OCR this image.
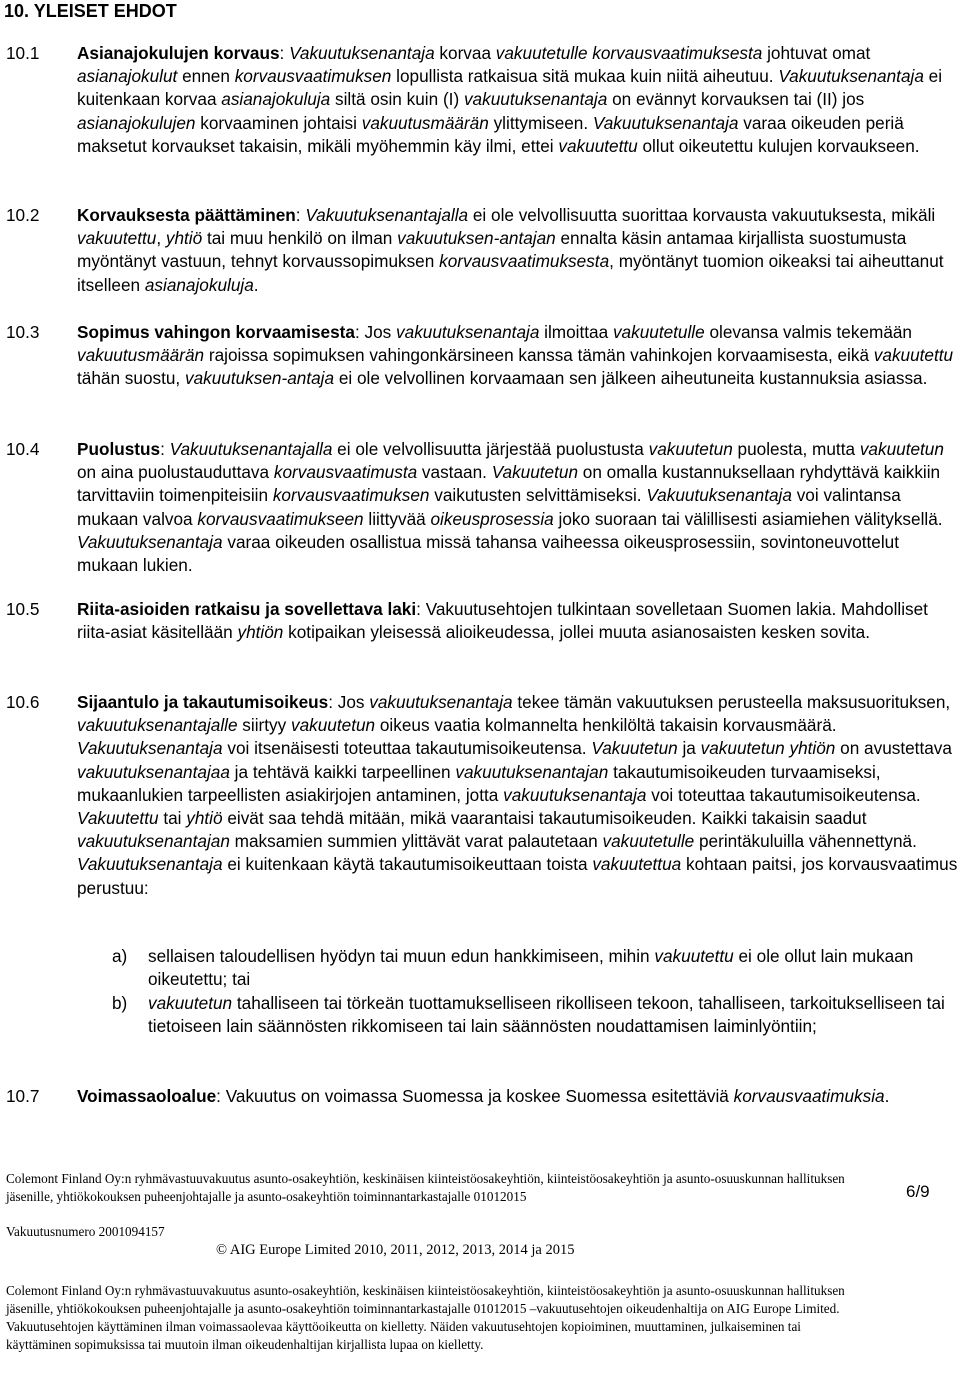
10. YLEISET EHDOT
10.1 Asianajokulujen korvaus: Vakuutuksenantaja korvaa vakuutetulle korvausvaatimuksesta johtuvat omat asianajokulut ennen korvausvaatimuksen lopullista ratkaisua sitä mukaa kuin niitä aiheutuu. Vakuutuksenantaja ei kuitenkaan korvaa asianajokuluja siltä osin kuin (I) vakuutuksenantaja on evännyt korvauksen tai (II) jos asianajokulujen korvaaminen johtaisi vakuutusmäärän ylittymiseen. Vakuutuksenantaja varaa oikeuden periä maksetut korvaukset takaisin, mikäli myöhemmin käy ilmi, ettei vakuutettu ollut oikeutettu kulujen korvaukseen.
10.2 Korvauksesta päättäminen: Vakuutuksenantajalla ei ole velvollisuutta suorittaa korvausta vakuutuksesta, mikäli vakuutettu, yhtiö tai muu henkilö on ilman vakuutuksen-antajan ennalta käsin antamaa kirjallista suostumusta myöntänyt vastuun, tehnyt korvaussopimuksen korvausvaatimuksesta, myöntänyt tuomion oikeaksi tai aiheuttanut itselleen asianajokuluja.
10.3 Sopimus vahingon korvaamisesta: Jos vakuutuksenantaja ilmoittaa vakuutetulle olevansa valmis tekemään vakuutusmäärän rajoissa sopimuksen vahingonkärsineen kanssa tämän vahinkojen korvaamisesta, eikä vakuutettu tähän suostu, vakuutuksen-antaja ei ole velvollinen korvaamaan sen jälkeen aiheutuneita kustannuksia asiassa.
10.4 Puolustus: Vakuutuksenantajalla ei ole velvollisuutta järjestää puolustusta vakuutetun puolesta, mutta vakuutetun on aina puolustauduttava korvausvaatimusta vastaan. Vakuutetun on omalla kustannuksellaan ryhdyttävä kaikkiin tarvittaviin toimenpiteisiin korvausvaatimuksen vaikutusten selvittämiseksi. Vakuutuksenantaja voi valintansa mukaan valvoa korvausvaatimukseen liittyvää oikeusprosessia joko suoraan tai välillisesti asiamiehen välityksellä. Vakuutuksenantaja varaa oikeuden osallistua missä tahansa vaiheessa oikeusprosessiin, sovintoneuvottelut mukaan lukien.
10.5 Riita-asioiden ratkaisu ja sovellettava laki: Vakuutusehtojen tulkintaan sovelletaan Suomen lakia. Mahdolliset riita-asiat käsitellään yhtiön kotipaikan yleisessä alioikeudessa, jollei muuta asianosaisten kesken sovita.
10.6 Sijaantulo ja takautumisoikeus: Jos vakuutuksenantaja tekee tämän vakuutuksen perusteella maksusuorituksen, vakuutuksenantajalle siirtyy vakuutetun oikeus vaatia kolmannelta henkilöltä takaisin korvausmäärä. Vakuutuksenantaja voi itsenäisesti toteuttaa takautumisoikeutensa. Vakuutetun ja vakuutetun yhtiön on avustettava vakuutuksenantajaa ja tehtävä kaikki tarpeellinen vakuutuksenantajan takautumisoikeuden turvaamiseksi, mukaanlukien tarpeellisten asiakirjojen antaminen, jotta vakuutuksenantaja voi toteuttaa takautumisoikeutensa. Vakuutettu tai yhtiö eivät saa tehdä mitään, mikä vaarantaisi takautumisoikeuden. Kaikki takaisin saadut vakuutuksenantajan maksamien summien ylittävät varat palautetaan vakuutetulle perintäkuluilla vähennettynä. Vakuutuksenantaja ei kuitenkaan käytä takautumisoikeuttaan toista vakuutettua kohtaan paitsi, jos korvausvaatimus perustuu:
a) sellaisen taloudellisen hyödyn tai muun edun hankkimiseen, mihin vakuutettu ei ole ollut lain mukaan oikeutettu; tai
b) vakuutetun tahalliseen tai törkeän tuottamukselliseen rikolliseen tekoon, tahalliseen, tarkoitukselliseen tai tietoiseen lain säännösten rikkomiseen tai lain säännösten noudattamisen laiminlyöntiin;
10.7 Voimassaoloalue: Vakuutus on voimassa Suomessa ja koskee Suomessa esitettäviä korvausvaatimuksia.
Colemont Finland Oy:n ryhmävastuuvakuutus asunto-osakeyhtiön, keskinäisen kiinteistöosakeyhtiön, kiinteistöosakeyhtiön ja asunto-osuuskunnan hallituksen jäsenille, yhtiökokouksen puheenjohtajalle ja asunto-osakeyhtiön toiminnantarkastajalle 01012015	6/9
Vakuutusnumero 2001094157
© AIG Europe Limited 2010, 2011, 2012, 2013, 2014 ja 2015
Colemont Finland Oy:n ryhmävastuuvakuutus asunto-osakeyhtiön, keskinäisen kiinteistöosakeyhtiön, kiinteistöosakeyhtiön ja asunto-osuuskunnan hallituksen jäsenille, yhtiökokouksen puheenjohtajalle ja asunto-osakeyhtiön toiminnantarkastajalle 01012015 –vakuutusehtojen oikeudenhaltija on AIG Europe Limited. Vakuutusehtojen käyttäminen ilman voimassaolevaa käyttöoikeutta on kielletty. Näiden vakuutusehtojen kopioiminen, muuttaminen, julkaiseminen tai käyttäminen sopimuksissa tai muutoin ilman oikeudenhaltijan kirjallista lupaa on kielletty.
